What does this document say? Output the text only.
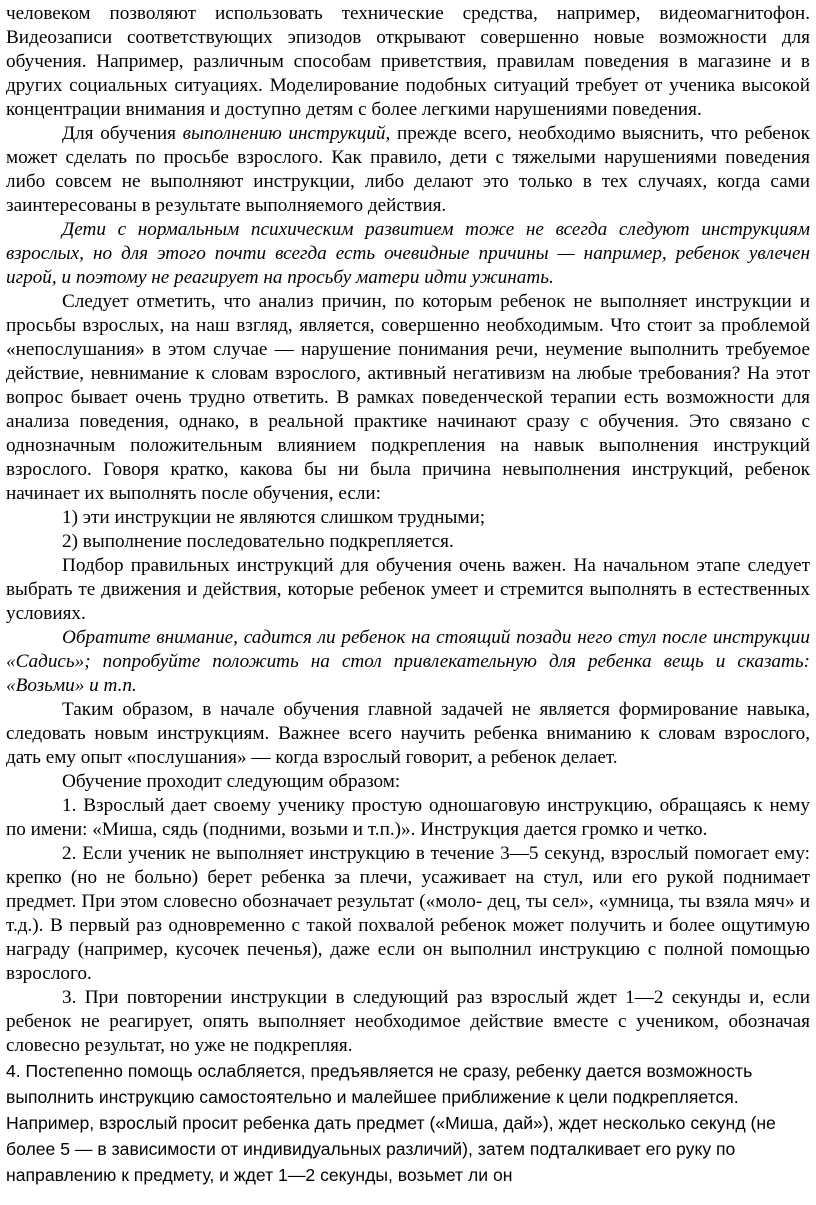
человеком позволяют использовать технические средства, например, видеомагнитофон. Видеозаписи соответствующих эпизодов открывают совершенно новые возможности для обучения. Например, различным способам приветствия, правилам поведения в магазине и в других социальных ситуациях. Моделирование подобных ситуаций требует от ученика высокой концентрации внимания и доступно детям с более легкими нарушениями поведения.

Для обучения выполнению инструкций, прежде всего, необходимо выяснить, что ребенок может сделать по просьбе взрослого. Как правило, дети с тяжелыми нарушениями поведения либо совсем не выполняют инструкции, либо делают это только в тех случаях, когда сами заинтересованы в результате выполняемого действия.

Дети с нормальным психическим развитием тоже не всегда следуют инструкциям взрослых, но для этого почти всегда есть очевидные причины — например, ребенок увлечен игрой, и поэтому не реагирует на просьбу матери идти ужинать.

Следует отметить, что анализ причин, по которым ребенок не выполняет инструкции и просьбы взрослых, на наш взгляд, является, совершенно необходимым. Что стоит за проблемой «непослушания» в этом случае — нарушение понимания речи, неумение выполнить требуемое действие, невнимание к словам взрослого, активный негативизм на любые требования? На этот вопрос бывает очень трудно ответить. В рамках поведенческой терапии есть возможности для анализа поведения, однако, в реальной практике начинают сразу с обучения. Это связано с однозначным положительным влиянием подкрепления на навык выполнения инструкций взрослого. Говоря кратко, какова бы ни была причина невыполнения инструкций, ребенок начинает их выполнять после обучения, если:

1) эти инструкции не являются слишком трудными;

2) выполнение последовательно подкрепляется.

Подбор правильных инструкций для обучения очень важен. На начальном этапе следует выбрать те движения и действия, которые ребенок умеет и стремится выполнять в естественных условиях.

Обратите внимание, садится ли ребенок на стоящий позади него стул после инструкции «Садись»; попробуйте положить на стол привлекательную для ребенка вещь и сказать: «Возьми» и т.п.

Таким образом, в начале обучения главной задачей не является формирование навыка, следовать новым инструкциям. Важнее всего научить ребенка вниманию к словам взрослого, дать ему опыт «послушания» — когда взрослый говорит, а ребенок делает.

Обучение проходит следующим образом:

1. Взрослый дает своему ученику простую одношаговую инструкцию, обращаясь к нему по имени: «Миша, сядь (подними, возьми и т.п.)». Инструкция дается громко и четко.

2. Если ученик не выполняет инструкцию в течение 3—5 секунд, взрослый помогает ему: крепко (но не больно) берет ребенка за плечи, усаживает на стул, или его рукой поднимает предмет. При этом словесно обозначает результат («моло- дец, ты сел», «умница, ты взяла мяч» и т.д.). В первый раз одновременно с такой похвалой ребенок может получить и более ощутимую награду (например, кусочек печенья), даже если он выполнил инструкцию с полной помощью взрослого.

3. При повторении инструкции в следующий раз взрослый ждет 1—2 секунды и, если ребенок не реагирует, опять выполняет необходимое действие вместе с учеником, обозначая словесно результат, но уже не подкрепляя.

4. Постепенно помощь ослабляется, предъявляется не сразу, ребенку дается возможность выполнить инструкцию самостоятельно и малейшее приближение к цели подкрепляется. Например, взрослый просит ребенка дать предмет («Миша, дай»), ждет несколько секунд (не более 5 — в зависимости от индивидуальных различий), затем подталкивает его руку по направлению к предмету, и ждет 1—2 секунды, возьмет ли он
